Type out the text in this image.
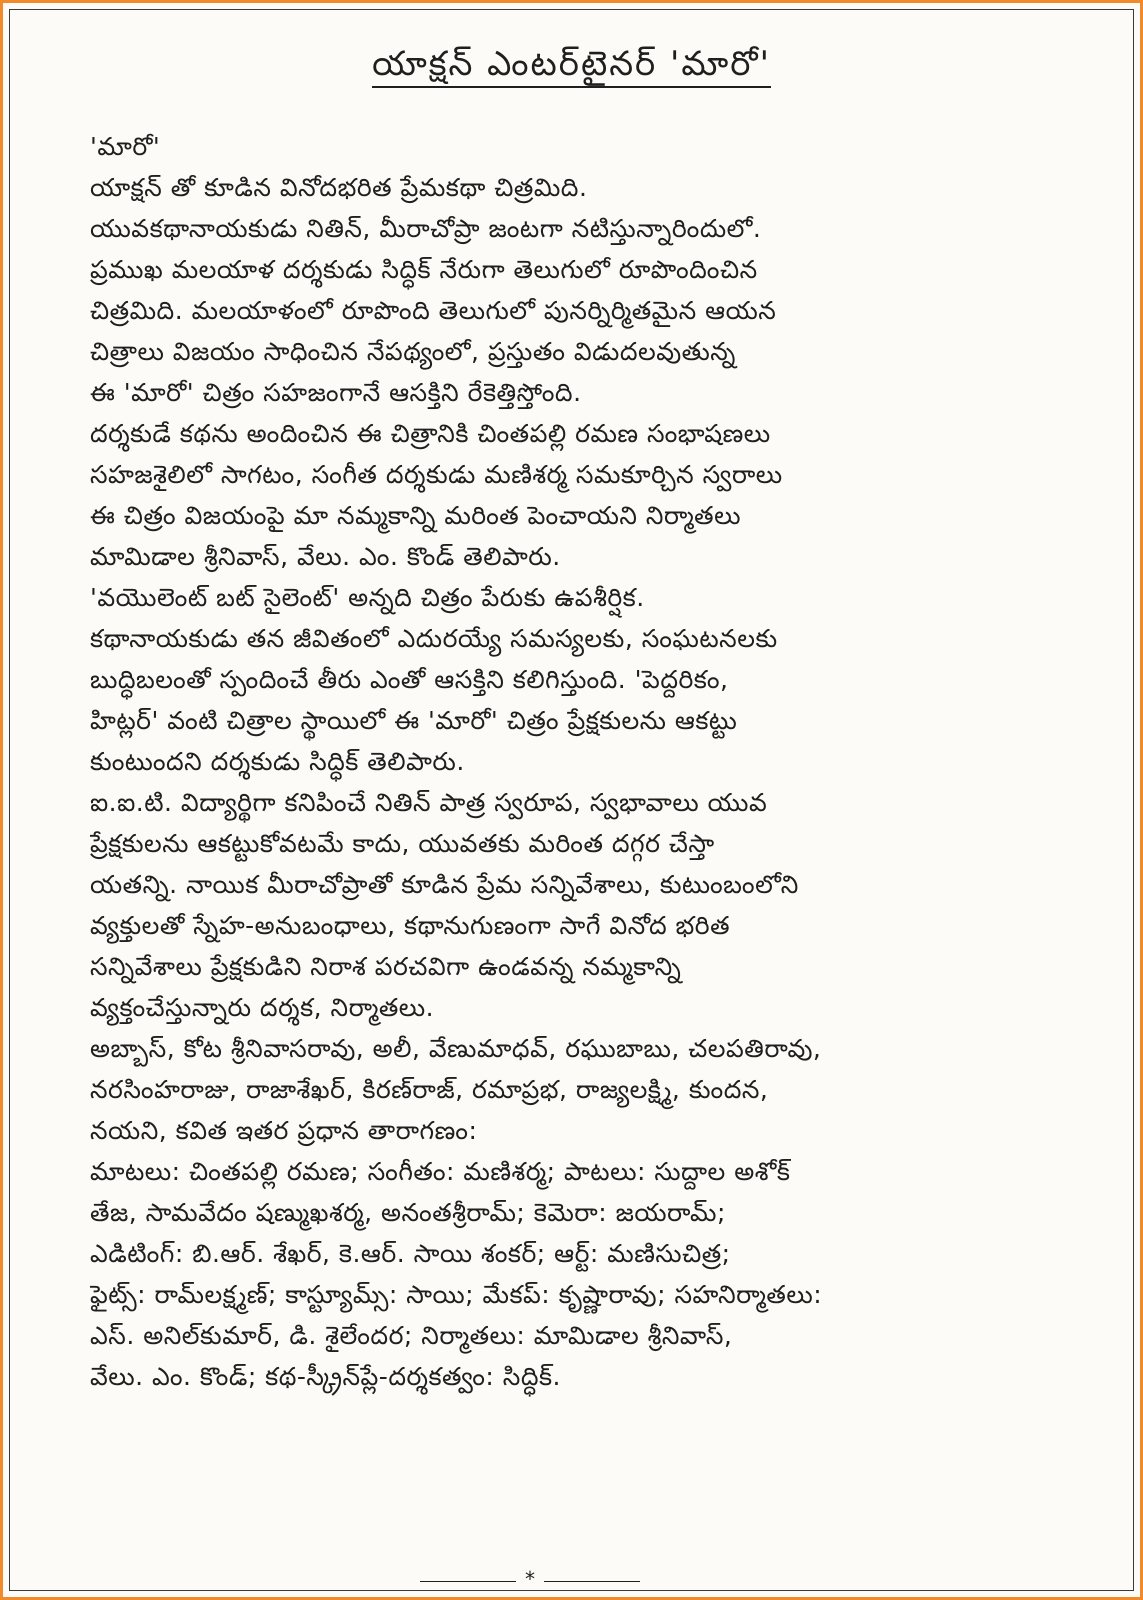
యాక్షన్ ఎంటర్‌టైనర్ 'మారో'
'మారో'
యాక్షన్ తో కూడిన వినోదభరిత ప్రేమకథా చిత్రమిది.
యువకథానాయకుడు నితిన్, మీరాచోప్రా జంటగా నటిస్తున్నారిందులో.
ప్రముఖ మలయాళ దర్శకుడు సిద్ధిక్ నేరుగా తెలుగులో రూపొందించిన
చిత్రమిది. మలయాళంలో రూపొంది తెలుగులో పునర్నిర్మితమైన ఆయన
చిత్రాలు విజయం సాధించిన నేపథ్యంలో, ప్రస్తుతం విడుదలవుతున్న
ఈ 'మారో' చిత్రం సహజంగానే ఆసక్తిని రేకెత్తిస్తోంది.
దర్శకుడే కథను అందించిన ఈ చిత్రానికి చింతపల్లి రమణ సంభాషణలు
సహజశైలిలో సాగటం, సంగీత దర్శకుడు మణిశర్మ సమకూర్చిన స్వరాలు
ఈ చిత్రం విజయంపై మా నమ్మకాన్ని మరింత పెంచాయని నిర్మాతలు
మామిడాల శ్రీనివాస్, వేలు. ఎం. కొండ్ తెలిపారు.
'వయొలెంట్ బట్ సైలెంట్' అన్నది చిత్రం పేరుకు ఉపశీర్షిక.
కథానాయకుడు తన జీవితంలో ఎదురయ్యే సమస్యలకు, సంఘటనలకు
బుద్ధిబలంతో స్పందించే తీరు ఎంతో ఆసక్తిని కలిగిస్తుంది. 'పెద్దరికం,
హిట్లర్' వంటి చిత్రాల స్థాయిలో ఈ 'మారో' చిత్రం ప్రేక్షకులను ఆకట్టు
కుంటుందని దర్శకుడు సిద్ధిక్ తెలిపారు.
ఐ.ఐ.టి. విద్యార్థిగా కనిపించే నితిన్ పాత్ర స్వరూప, స్వభావాలు యువ
ప్రేక్షకులను ఆకట్టుకోవటమే కాదు, యువతకు మరింత దగ్గర చేస్తా
యతన్ని. నాయిక మీరాచోప్రాతో కూడిన ప్రేమ సన్నివేశాలు, కుటుంబంలోని
వ్యక్తులతో స్నేహ-అనుబంధాలు, కథానుగుణంగా సాగే వినోద భరిత
సన్నివేశాలు ప్రేక్షకుడిని నిరాశ పరచవిగా ఉండవన్న నమ్మకాన్ని
వ్యక్తంచేస్తున్నారు దర్శక, నిర్మాతలు.
అబ్బాస్, కోట శ్రీనివాసరావు, అలీ, వేణుమాధవ్, రఘుబాబు, చలపతిరావు,
నరసింహరాజు, రాజాశేఖర్, కిరణ్‌రాజ్, రమాప్రభ, రాజ్యలక్ష్మి, కుందన,
నయని, కవిత ఇతర ప్రధాన తారాగణం:
మాటలు: చింతపల్లి రమణ; సంగీతం: మణిశర్మ; పాటలు: సుద్దాల అశోక్
తేజ, సామవేదం షణ్ముఖశర్మ, అనంతశ్రీరామ్; కెమెరా: జయరామ్;
ఎడిటింగ్: బి.ఆర్. శేఖర్, కె.ఆర్. సాయి శంకర్; ఆర్ట్: మణిసుచిత్ర;
ఫైట్స్: రామ్‌లక్ష్మణ్; కాస్ట్యూమ్స్: సాయి; మేకప్: కృష్ణారావు; సహనిర్మాతలు:
ఎస్. అనిల్‌కుమార్, డి. శైలేందర; నిర్మాతలు: మామిడాల శ్రీనివాస్,
వేలు. ఎం. కొండ్; కథ-స్క్రీన్‌ప్లే-దర్శకత్వం: సిద్ధిక్.
*
